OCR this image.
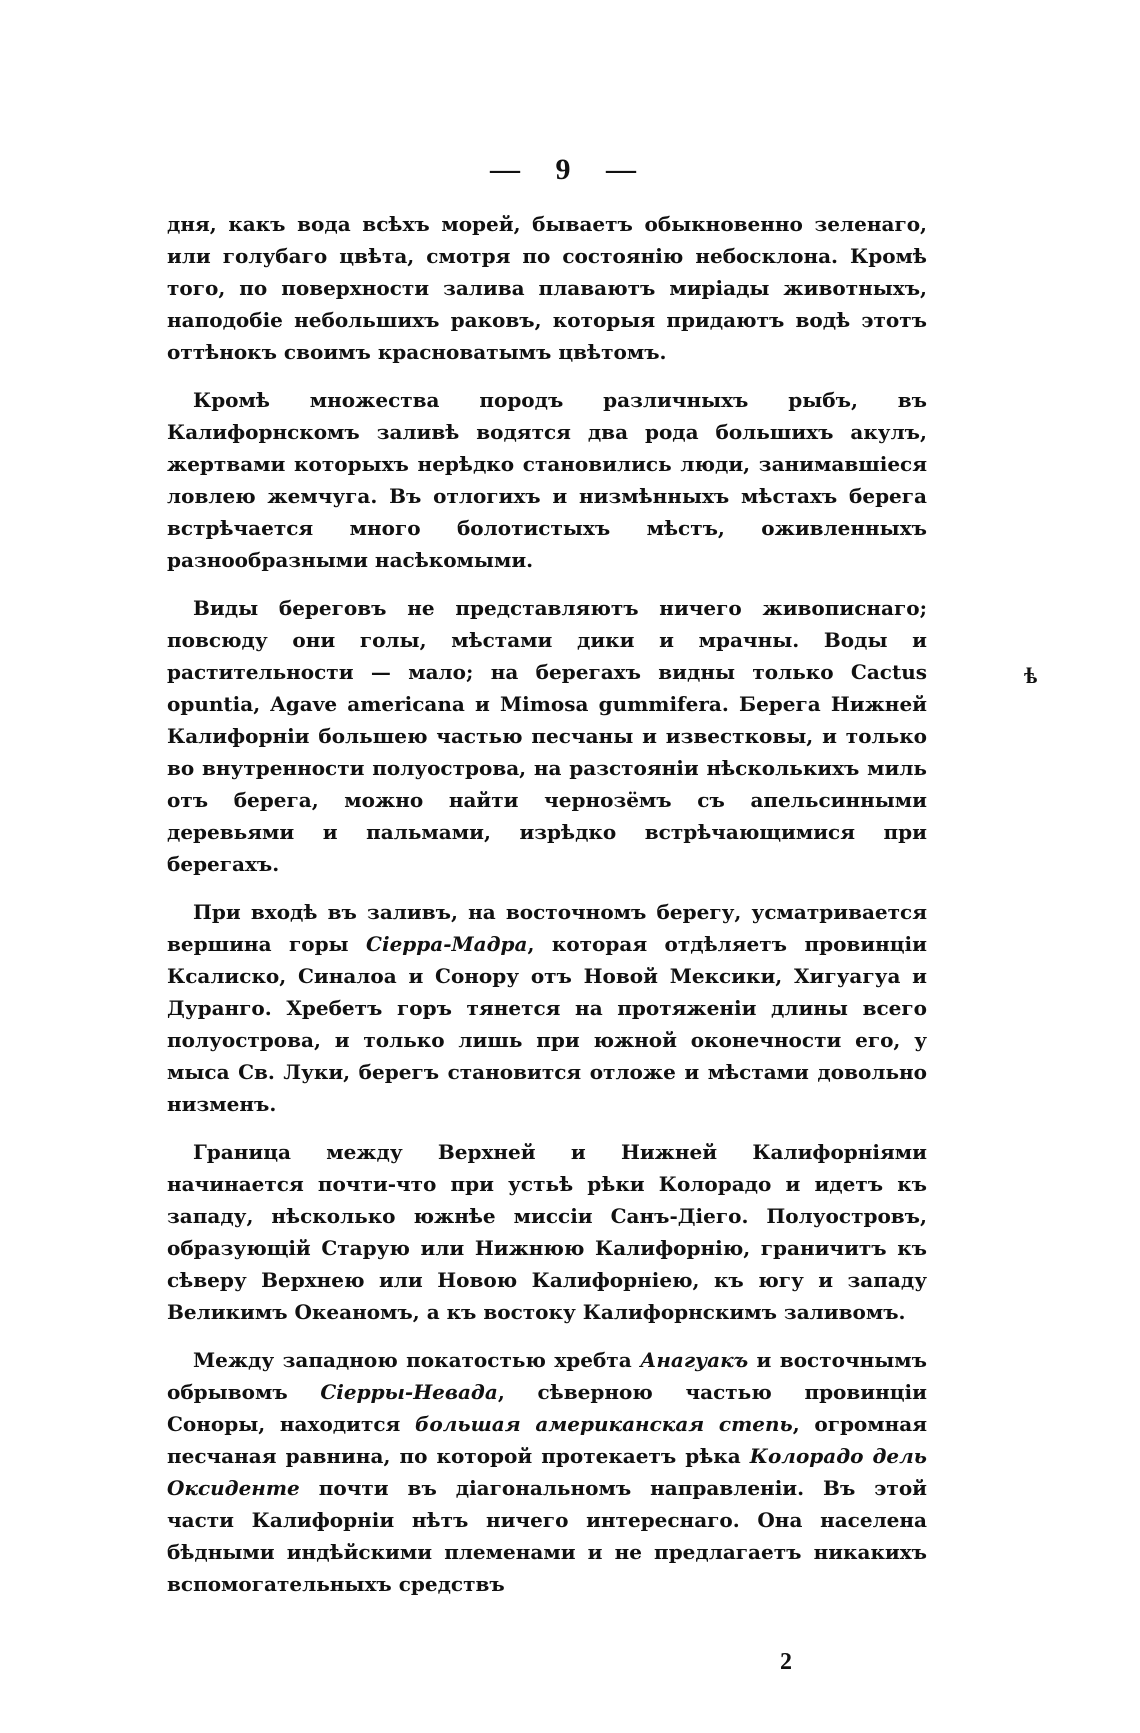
— 9 —
ѣ

дня, какъ вода всѣхъ морей, бываетъ обыкновенно зеленаго, или голубаго цвѣта, смотря по состоянію небосклона. Кромѣ того, по поверхности залива плаваютъ миріады животныхъ, наподобіе небольшихъ раковъ, которыя придаютъ водѣ этотъ оттѣнокъ своимъ красноватымъ цвѣтомъ.

Кромѣ множества породъ различныхъ рыбъ, въ Калифорнскомъ заливѣ водятся два рода большихъ акулъ, жертвами которыхъ нерѣдко становились люди, занимавшіеся ловлею жемчуга. Въ отлогихъ и низмѣнныхъ мѣстахъ берега встрѣчается много болотистыхъ мѣстъ, оживленныхъ разнообразными насѣкомыми.

Виды береговъ не представляютъ ничего живописнаго; повсюду они голы, мѣстами дики и мрачны. Воды и растительности — мало; на берегахъ видны только Cactus opuntia, Agave americana и Mimosa gummifera. Берега Нижней Калифорніи большею частью песчаны и известковы, и только во внутренности полуострова, на разстояніи нѣсколькихъ миль отъ берега, можно найти чернозёмъ съ апельсинными деревьями и пальмами, изрѣдко встрѣчающимися при берегахъ.

При входѣ въ заливъ, на восточномъ берегу, усматривается вершина горы Сіерра-Мадра, которая отдѣляетъ провинціи Ксалиско, Синалоа и Сонору отъ Новой Мексики, Хигуагуа и Дуранго. Хребетъ горъ тянется на протяженіи длины всего полуострова, и только лишь при южной оконечности его, у мыса Св. Луки, берегъ становится отложе и мѣстами довольно низменъ.

Граница между Верхней и Нижней Калифорніями начинается почти-что при устьѣ рѣки Колорадо и идетъ къ западу, нѣсколько южнѣе миссіи Санъ-Діего. Полуостровъ, образующій Старую или Нижнюю Калифорнію, граничитъ къ сѣверу Верхнею или Новою Калифорніею, къ югу и западу Великимъ Океаномъ, а къ востоку Калифорнскимъ заливомъ.

Между западною покатостью хребта Анагуакъ и восточнымъ обрывомъ Сіерры-Невада, сѣверною частью провинціи Соноры, находится большая американская степь, огромная песчаная равнина, по которой протекаетъ рѣка Колорадо дель Оксиденте почти въ діагональномъ направленіи. Въ этой части Калифорніи нѣтъ ничего интереснаго. Она населена бѣдными индѣйскими племенами и не предлагаетъ никакихъ вспомогательныхъ средствъ

2
